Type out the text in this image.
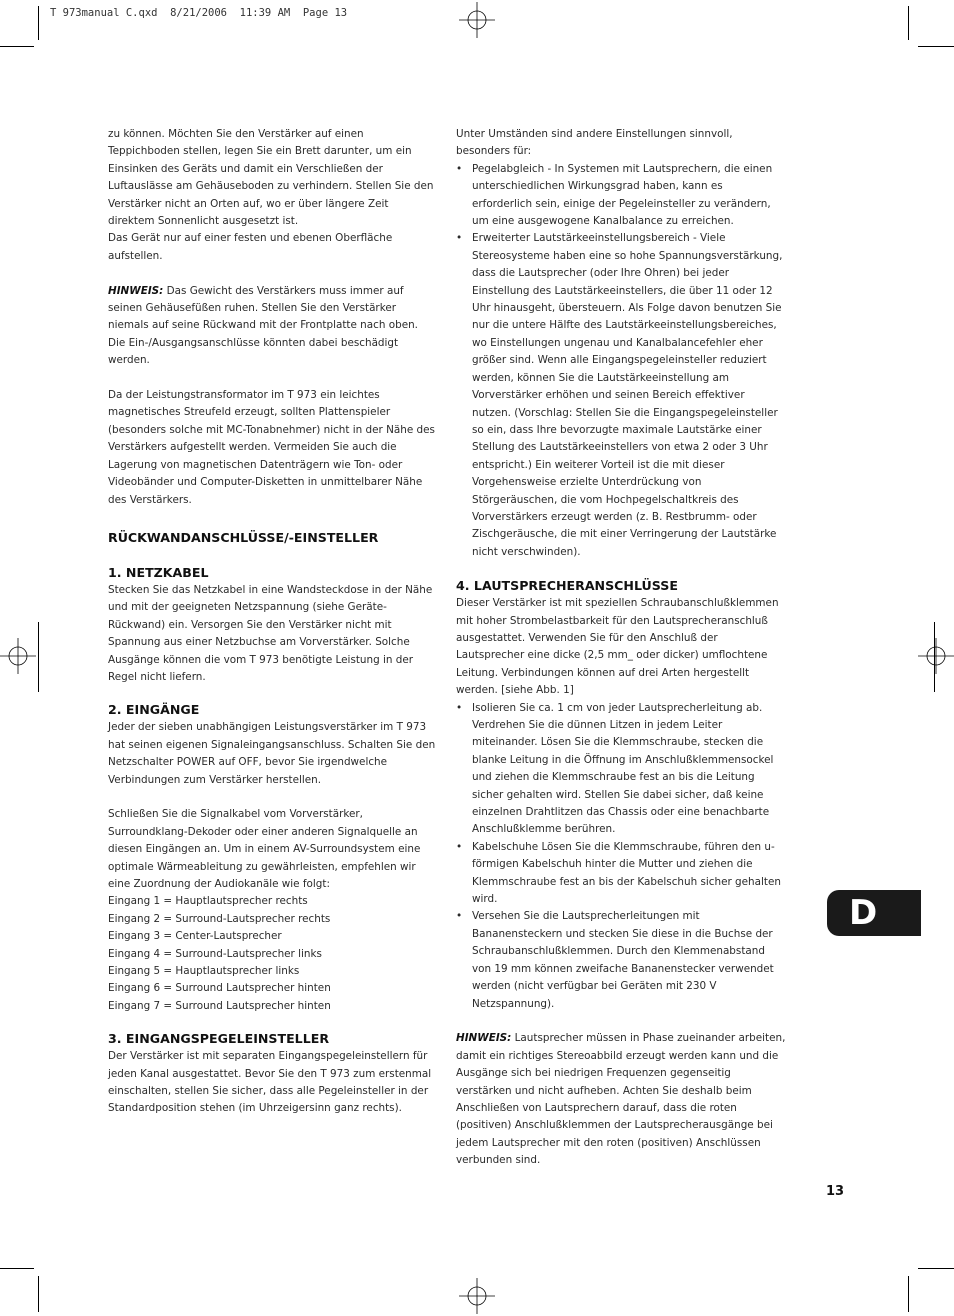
T 973manual C.qxd  8/21/2006  11:39 AM  Page 13

zu können. Möchten Sie den Verstärker auf einen Teppichboden stellen, legen Sie ein Brett darunter, um ein Einsinken des Geräts und damit ein Verschließen der Luftauslässe am Gehäuseboden zu verhindern. Stellen Sie den Verstärker nicht an Orten auf, wo er über längere Zeit direktem Sonnenlicht ausgesetzt ist.

Das Gerät nur auf einer festen und ebenen Oberfläche aufstellen.

HINWEIS: Das Gewicht des Verstärkers muss immer auf seinen Gehäusefüßen ruhen. Stellen Sie den Verstärker niemals auf seine Rückwand mit der Frontplatte nach oben. Die Ein-/Ausgangsanschlüsse könnten dabei beschädigt werden.

Da der Leistungstransformator im T 973 ein leichtes magnetisches Streufeld erzeugt, sollten Plattenspieler (besonders solche mit MC-Tonabnehmer) nicht in der Nähe des Verstärkers aufgestellt werden. Vermeiden Sie auch die Lagerung von magnetischen Datenträgern wie Ton- oder Videobänder und Computer-Disketten in unmittelbarer Nähe des Verstärkers.

RÜCKWANDANSCHLÜSSE/-EINSTELLER
1. NETZKABEL

Stecken Sie das Netzkabel in eine Wandsteckdose in der Nähe und mit der geeigneten Netzspannung (siehe Geräte-Rückwand) ein. Versorgen Sie den Verstärker nicht mit Spannung aus einer Netzbuchse am Vorverstärker. Solche Ausgänge können die vom T 973 benötigte Leistung in der Regel nicht liefern.

2. EINGÄNGE

Jeder der sieben unabhängigen Leistungsverstärker im T 973 hat seinen eigenen Signaleingangsanschluss. Schalten Sie den Netzschalter POWER auf OFF, bevor Sie irgendwelche Verbindungen zum Verstärker herstellen.

Schließen Sie die Signalkabel vom Vorverstärker, Surroundklang-Dekoder oder einer anderen Signalquelle an diesen Eingängen an. Um in einem AV-Surroundsystem eine optimale Wärmeableitung zu gewährleisten, empfehlen wir eine Zuordnung der Audiokanäle wie folgt:

Eingang 1 = Hauptlautsprecher rechts

Eingang 2 = Surround-Lautsprecher rechts

Eingang 3 = Center-Lautsprecher

Eingang 4 = Surround-Lautsprecher links

Eingang 5 = Hauptlautsprecher links

Eingang 6 = Surround Lautsprecher hinten

Eingang 7 = Surround Lautsprecher hinten

3. EINGANGSPEGELEINSTELLER

Der Verstärker ist mit separaten Eingangspegeleinstellern für jeden Kanal ausgestattet. Bevor Sie den T 973 zum erstenmal einschalten, stellen Sie sicher, dass alle Pegeleinsteller in der Standardposition stehen (im Uhrzeigersinn ganz rechts).

Unter Umständen sind andere Einstellungen sinnvoll, besonders für:

• Pegelabgleich - In Systemen mit Lautsprechern, die einen unterschiedlichen Wirkungsgrad haben, kann es erforderlich sein, einige der Pegeleinsteller zu verändern, um eine ausgewogene Kanalbalance zu erreichen.
• Erweiterter Lautstärkeeinstellungsbereich - Viele Stereosysteme haben eine so hohe Spannungsverstärkung, dass die Lautsprecher (oder Ihre Ohren) bei jeder Einstellung des Lautstärkeeinstellers, die über 11 oder 12 Uhr hinausgeht, übersteuern. Als Folge davon benutzen Sie nur die untere Hälfte des Lautstärkeeinstellungsbereiches, wo Einstellungen ungenau und Kanalbalancefehler eher größer sind. Wenn alle Eingangspegeleinsteller reduziert werden, können Sie die Lautstärkeeinstellung am Vorverstärker erhöhen und seinen Bereich effektiver nutzen. (Vorschlag: Stellen Sie die Eingangspegeleinsteller so ein, dass Ihre bevorzugte maximale Lautstärke einer Stellung des Lautstärkeeinstellers von etwa 2 oder 3 Uhr entspricht.) Ein weiterer Vorteil ist die mit dieser Vorgehensweise erzielte Unterdrückung von Störgeräuschen, die vom Hochpegelschaltkreis des Vorverstärkers erzeugt werden (z. B. Restbrumm- oder Zischgeräusche, die mit einer Verringerung der Lautstärke nicht verschwinden).
4. LAUTSPRECHERANSCHLÜSSE

Dieser Verstärker ist mit speziellen Schraubanschlußklemmen mit hoher Strombelastbarkeit für den Lautsprecheranschluß ausgestattet. Verwenden Sie für den Anschluß der Lautsprecher eine dicke (2,5 mm_ oder dicker) umflochtene Leitung. Verbindungen können auf drei Arten hergestellt werden. [siehe Abb. 1]

• Isolieren Sie ca. 1 cm von jeder Lautsprecherleitung ab. Verdrehen Sie die dünnen Litzen in jedem Leiter miteinander. Lösen Sie die Klemmschraube, stecken die blanke Leitung in die Öffnung im Anschlußklemmensockel und ziehen die Klemmschraube fest an bis die Leitung sicher gehalten wird. Stellen Sie dabei sicher, daß keine einzelnen Drahtlitzen das Chassis oder eine benachbarte Anschlußklemme berühren.
• Kabelschuhe Lösen Sie die Klemmschraube, führen den u-förmigen Kabelschuh hinter die Mutter und ziehen die Klemmschraube fest an bis der Kabelschuh sicher gehalten wird.
• Versehen Sie die Lautsprecherleitungen mit Bananensteckern und stecken Sie diese in die Buchse der Schraubanschlußklemmen. Durch den Klemmenabstand von 19 mm können zweifache Bananenstecker verwendet werden (nicht verfügbar bei Geräten mit 230 V Netzspannung).

HINWEIS: Lautsprecher müssen in Phase zueinander arbeiten, damit ein richtiges Stereoabbild erzeugt werden kann und die Ausgänge sich bei niedrigen Frequenzen gegenseitig verstärken und nicht aufheben. Achten Sie deshalb beim Anschließen von Lautsprechern darauf, dass die roten (positiven) Anschlußklemmen der Lautsprecherausgänge bei jedem Lautsprecher mit den roten (positiven) Anschlüssen verbunden sind.

D
13
